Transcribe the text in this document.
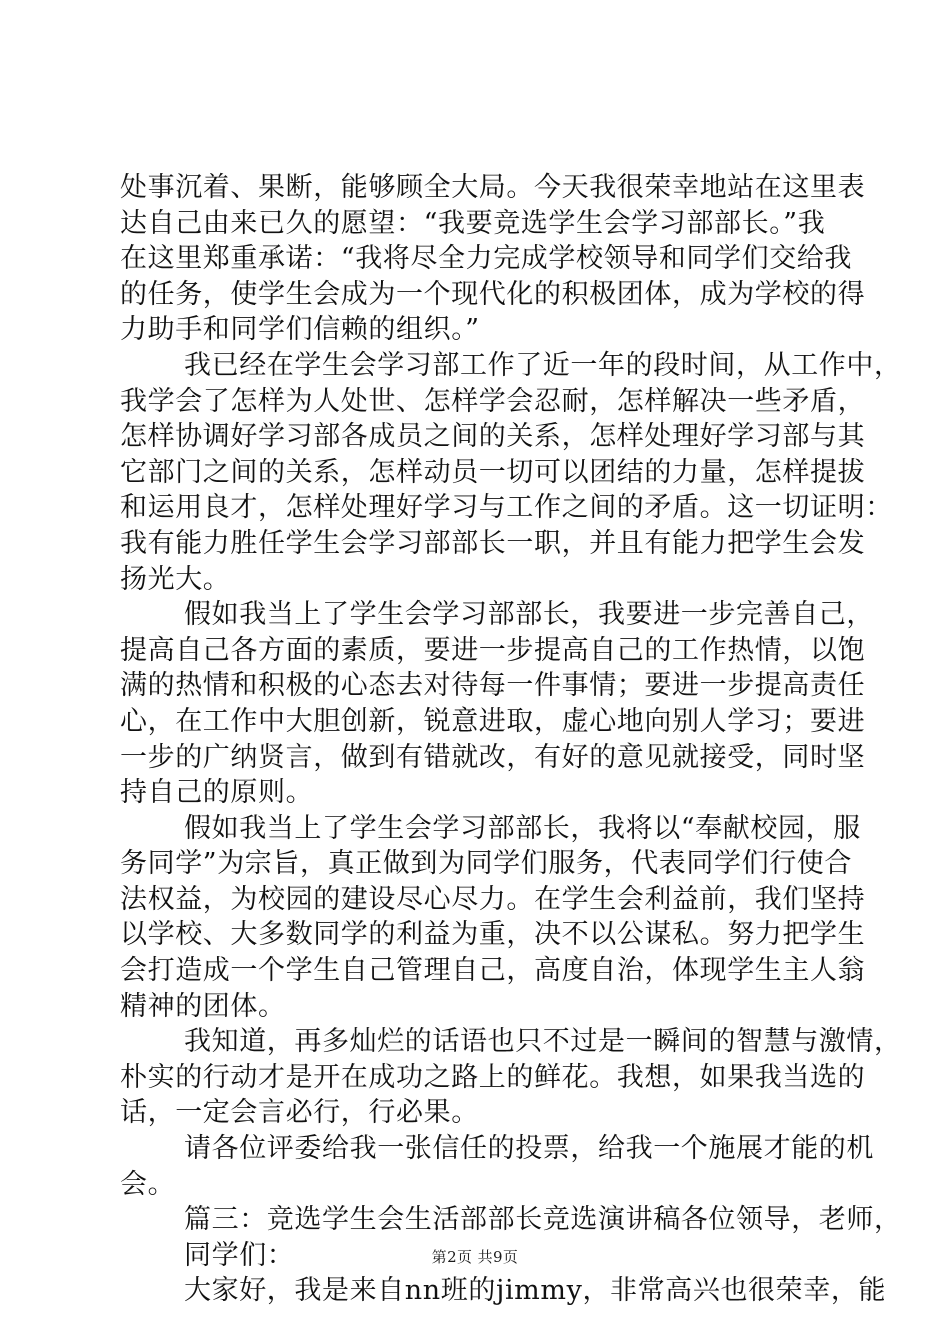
处事沉着、果断，能够顾全大局。今天我很荣幸地站在这里表
达自己由来已久的愿望：“我要竞选学生会学习部部长。”我
在这里郑重承诺：“我将尽全力完成学校领导和同学们交给我
的任务，使学生会成为一个现代化的积极团体，成为学校的得
力助手和同学们信赖的组织。”
我已经在学生会学习部工作了近一年的段时间，从工作中，
我学会了怎样为人处世、怎样学会忍耐，怎样解决一些矛盾，
怎样协调好学习部各成员之间的关系，怎样处理好学习部与其
它部门之间的关系，怎样动员一切可以团结的力量，怎样提拔
和运用良才，怎样处理好学习与工作之间的矛盾。这一切证明：
我有能力胜任学生会学习部部长一职，并且有能力把学生会发
扬光大。
假如我当上了学生会学习部部长，我要进一步完善自己，
提高自己各方面的素质，要进一步提高自己的工作热情，以饱
满的热情和积极的心态去对待每一件事情；要进一步提高责任
心，在工作中大胆创新，锐意进取，虚心地向别人学习；要进
一步的广纳贤言，做到有错就改，有好的意见就接受，同时坚
持自己的原则。
假如我当上了学生会学习部部长，我将以“奉献校园，服
务同学”为宗旨，真正做到为同学们服务，代表同学们行使合
法权益，为校园的建设尽心尽力。在学生会利益前，我们坚持
以学校、大多数同学的利益为重，决不以公谋私。努力把学生
会打造成一个学生自己管理自己，高度自治，体现学生主人翁
精神的团体。
我知道，再多灿烂的话语也只不过是一瞬间的智慧与激情，
朴实的行动才是开在成功之路上的鲜花。我想，如果我当选的
话，一定会言必行，行必果。
请各位评委给我一张信任的投票，给我一个施展才能的机
会。
篇三：竞选学生会生活部部长竞选演讲稿各位领导，老师，
同学们：
大家好，我是来自nn班的jimmy，非常高兴也很荣幸，能
第2页 共9页
